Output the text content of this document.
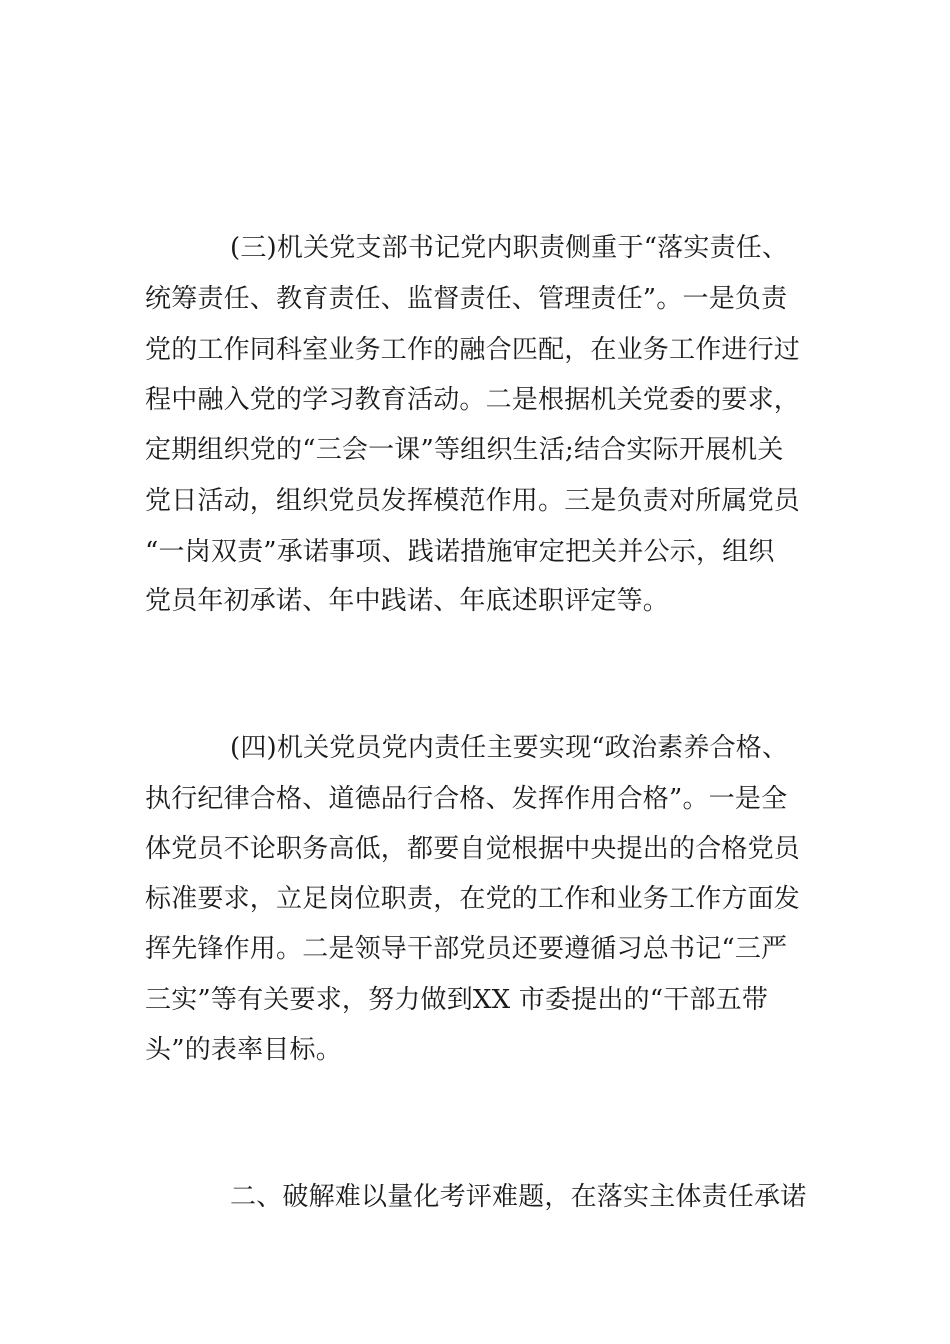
(三)机关党支部书记党内职责侧重于“落实责任、
统筹责任、教育责任、监督责任、管理责任”。一是负责
党的工作同科室业务工作的融合匹配，在业务工作进行过
程中融入党的学习教育活动。二是根据机关党委的要求，
定期组织党的“三会一课”等组织生活;结合实际开展机关
党日活动，组织党员发挥模范作用。三是负责对所属党员
“一岗双责”承诺事项、践诺措施审定把关并公示，组织
党员年初承诺、年中践诺、年底述职评定等。
(四)机关党员党内责任主要实现“政治素养合格、
执行纪律合格、道德品行合格、发挥作用合格”。一是全
体党员不论职务高低，都要自觉根据中央提出的合格党员
标准要求，立足岗位职责，在党的工作和业务工作方面发
挥先锋作用。二是领导干部党员还要遵循习总书记“三严
三实”等有关要求，努力做到XX 市委提出的“干部五带
头”的表率目标。
二、破解难以量化考评难题，在落实主体责任承诺
